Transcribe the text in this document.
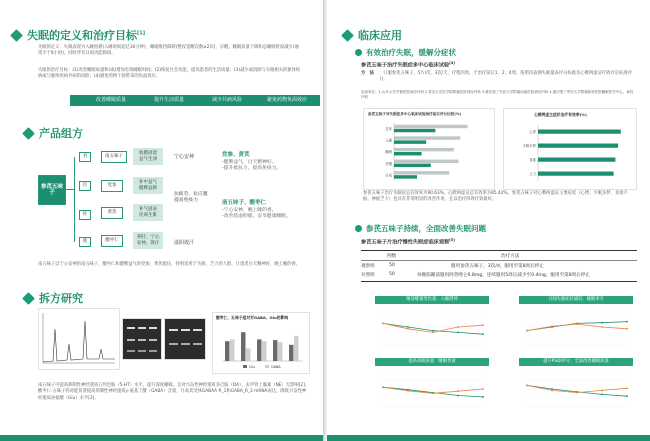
失眠的定义和治疗目标[1]
失眠的定义：失眠表现为入睡困难(入睡时间超过30分钟)、睡眠维持障碍(整夜觉醒次数≥2次)、早醒、睡眠质量下降和总睡眠时间减少(通常少于6小时)，同时伴有日间功能障碍。
失眠的治疗目标：(1)改善睡眠质量和(或)增加有效睡眠时间；(2)恢复社会功能，提高患者的生活质量；(3)减少或消除与失眠相关的躯体疾病或与躯体疾病共病的风险；(4)避免药物干预带来的负面效应。
改善睡眠质量	提升生活质量	减少共病风险	避免药物负面效应
产品组方
参芪五味子
君
臣
佐
使
南五味子
党参
黄芪
酸枣仁
收摄固涩
益气生津
补中益气
健脾益肺
补气固表
托毒生肌
养肝，宁心
安神，敛汗
宁心安神	党参、黄芪
-健脾益气，白天精神好。
-提升抵抗力，提高免疫力。
抗疲劳、抗应激
提高免疫力	南五味子、酸枣仁
-宁心安神，晚上睡的香。
-改善焦虑抑郁，安享健康睡眠。
滋阴敛汗
南五味子以宁心安神的南五味子、酸枣仁和健脾益气的党参、黄芪配伍，特别适用于失眠、乏力的人群，让患者白天精神好，晚上睡的香。
拆方研究
酸枣仁、五味子组对对GABA、Glu的影响
Glu	GABA
南五味子可提高抑制性神经递质五羟色胺（5-HT）水平，提升深度睡眠。且对兴奋性神经递质多巴胺（DA）、去甲肾上腺素（NE）无影响[2]。酸枣仁-五味子药对能显著提高抑制性神经递质γ-氨基丁酸（GABA）含量，升高其受体GABAA R_1和GABA_R_2 mRNA表达，降低兴奋性神经递质谷氨酸（Glu）水平[3]。
临床应用
有效治疗失眠，缓解分症状
参芪五味子治疗失眠症多中心临床试验[4]
方　法 ：口服参芪五味子，5片/次，3次/天，疗程四周，于治疗前后1、2、4周，按照同表测失眠量表评分标准及心脾两虚证疗效评定标准评分。
参加单位：1.山东大学齐鲁医院神经内科 2.青岛大学医学院附属医院神经内科 3.重庆第三军医大学附属西南医院神经内科 4.重庆第三军医大学附属新桥医院睡眠医学中心，神经内科
参芪五味子对失眠症多中心临床试验治疗前后评分比较(%)
总体
入睡
睡眠
早醒
日间
心脾两虚主症状治疗有效率(%)
心悸
少眠多梦
食欲
乏力
参芪五味子治疗失眠症总有效率为90.63%，心脾两虚证总有效率为85.42%。参芪五味子对心脾两虚证主要症状（心悸、少眠多梦、食欲不振、神疲乏力）也具有非常明显的改善作用，且以治疗四周疗效最好。
参芪五味子持续，全面改善失眠问题
参芪五味子片治疗慢性失眠症临床观察[5]
例数	治疗方法
观察组	50	服用参芪五味子，3次/d，服用至第8周后停止
对照组	50	每晚临睡前服用阿普唑仑0.8mg，连续服用5周后减少至0.4mg，服用至第8周后停止
睡前哪量变化量：入睡潜伸	日间失眠症状减轻：睡眠率升
提高高眠质量：睡眠香量	提升PSQI评分：全面改善睡眠质量
